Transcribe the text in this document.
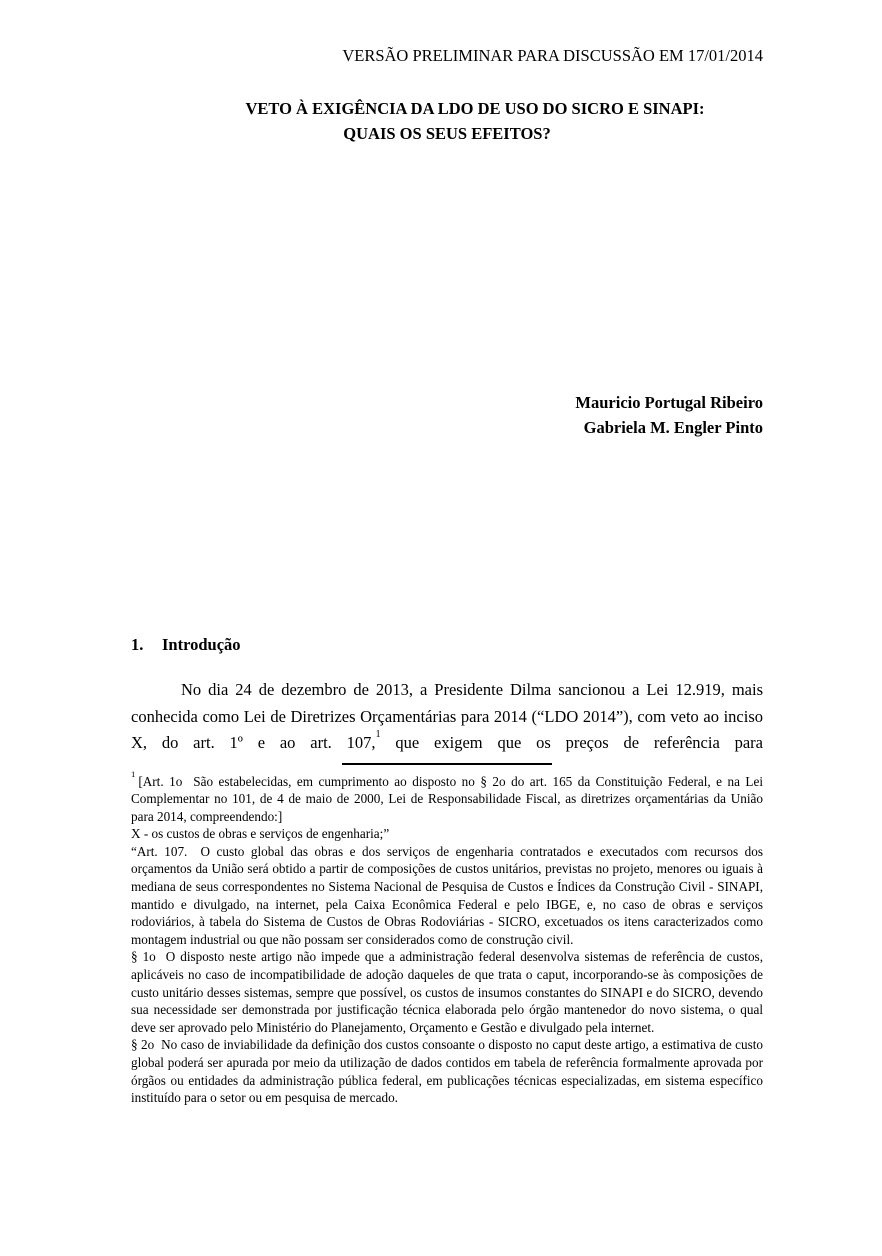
VERSÃO PRELIMINAR PARA DISCUSSÃO EM 17/01/2014
VETO À EXIGÊNCIA DA LDO DE USO DO SICRO E SINAPI:
QUAIS OS SEUS EFEITOS?
Mauricio Portugal Ribeiro
Gabriela M. Engler Pinto
1. Introdução
No dia 24 de dezembro de 2013, a Presidente Dilma sancionou a Lei 12.919, mais conhecida como Lei de Diretrizes Orçamentárias para 2014 (“LDO 2014”), com veto ao inciso X, do art. 1º e ao art. 107,$^1$ que exigem que os preços de referência para

$^1$ [Art. 1o  São estabelecidas, em cumprimento ao disposto no § 2o do art. 165 da Constituição Federal, e na Lei Complementar no 101, de 4 de maio de 2000, Lei de Responsabilidade Fiscal, as diretrizes orçamentárias da União para 2014, compreendendo:]

X - os custos de obras e serviços de engenharia;”

“Art. 107.  O custo global das obras e dos serviços de engenharia contratados e executados com recursos dos orçamentos da União será obtido a partir de composições de custos unitários, previstas no projeto, menores ou iguais à mediana de seus correspondentes no Sistema Nacional de Pesquisa de Custos e Índices da Construção Civil - SINAPI, mantido e divulgado, na internet, pela Caixa Econômica Federal e pelo IBGE, e, no caso de obras e serviços rodoviários, à tabela do Sistema de Custos de Obras Rodoviárias - SICRO, excetuados os itens caracterizados como montagem industrial ou que não possam ser considerados como de construção civil.

§ 1o  O disposto neste artigo não impede que a administração federal desenvolva sistemas de referência de custos, aplicáveis no caso de incompatibilidade de adoção daqueles de que trata o caput, incorporando-se às composições de custo unitário desses sistemas, sempre que possível, os custos de insumos constantes do SINAPI e do SICRO, devendo sua necessidade ser demonstrada por justificação técnica elaborada pelo órgão mantenedor do novo sistema, o qual deve ser aprovado pelo Ministério do Planejamento, Orçamento e Gestão e divulgado pela internet.

§ 2o  No caso de inviabilidade da definição dos custos consoante o disposto no caput deste artigo, a estimativa de custo global poderá ser apurada por meio da utilização de dados contidos em tabela de referência formalmente aprovada por órgãos ou entidades da administração pública federal, em publicações técnicas especializadas, em sistema específico instituído para o setor ou em pesquisa de mercado.
